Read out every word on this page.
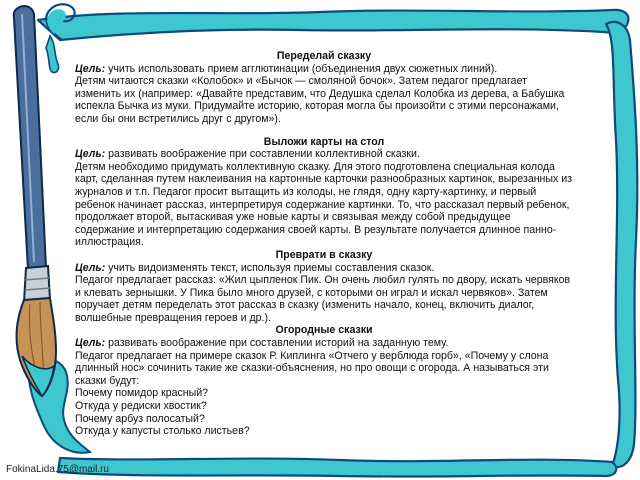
Переделай сказку

Цель: учить использовать прием агглютинации (объединения двух сюжетных линий).

Детям читаются сказки «Колобок» и «Бычок — смоляной бочок». Затем педагог предлагает изменить их (например: «Давайте представим, что Дедушка сделал Колобка из дерева, а Бабушка испекла Бычка из муки. Придумайте историю, которая могла бы произойти с этими персонажами, если бы они встретились друг с другом»).

Выложи карты на стол

Цель: развивать воображение при составлении коллективной сказки.

Детям необходимо придумать коллективную сказку. Для этого подготовлена специальная колода карт, сделанная путем наклеивания на картонные карточки разнообразных картинок, вырезанных из журналов и т.п. Педагог просит вытащить из колоды, не глядя, одну карту-картинку, и первый ребенок начинает рассказ, интерпретируя содержание картинки. То, что рассказал первый ребенок, продолжает второй, вытаскивая уже новые карты и связывая между собой предыдущее содержание и интерпретацию содержания своей карты. В результате получается длинное панно-иллюстрация.

Преврати в сказку

Цель: учить видоизменять текст, используя приемы составления сказок.

Педагог предлагает рассказ: «Жил цыпленок Пик. Он очень любил гулять по двору, искать червяков и клевать зернышки. У Пика было много друзей, с которыми он играл и искал червяков». Затем поручает детям переделать этот рассказ в сказку (изменить начало, конец, включить диалог, волшебные превращения героев и др.).

Огородные сказки

Цель: развивать воображение при составлении историй на заданную тему.

Педагог предлагает на примере сказок Р. Киплинга «Отчего у верблюда горб», «Почему у слона длинный нос» сочинить такие же сказки-объяснения, но про овощи с огорода. А называться эти сказки будут:

Почему помидор красный?

Откуда у редиски хвостик?

Почему арбуз полосатый?

Откуда у капусты столько листьев?

FokinaLida.75@mail.ru
